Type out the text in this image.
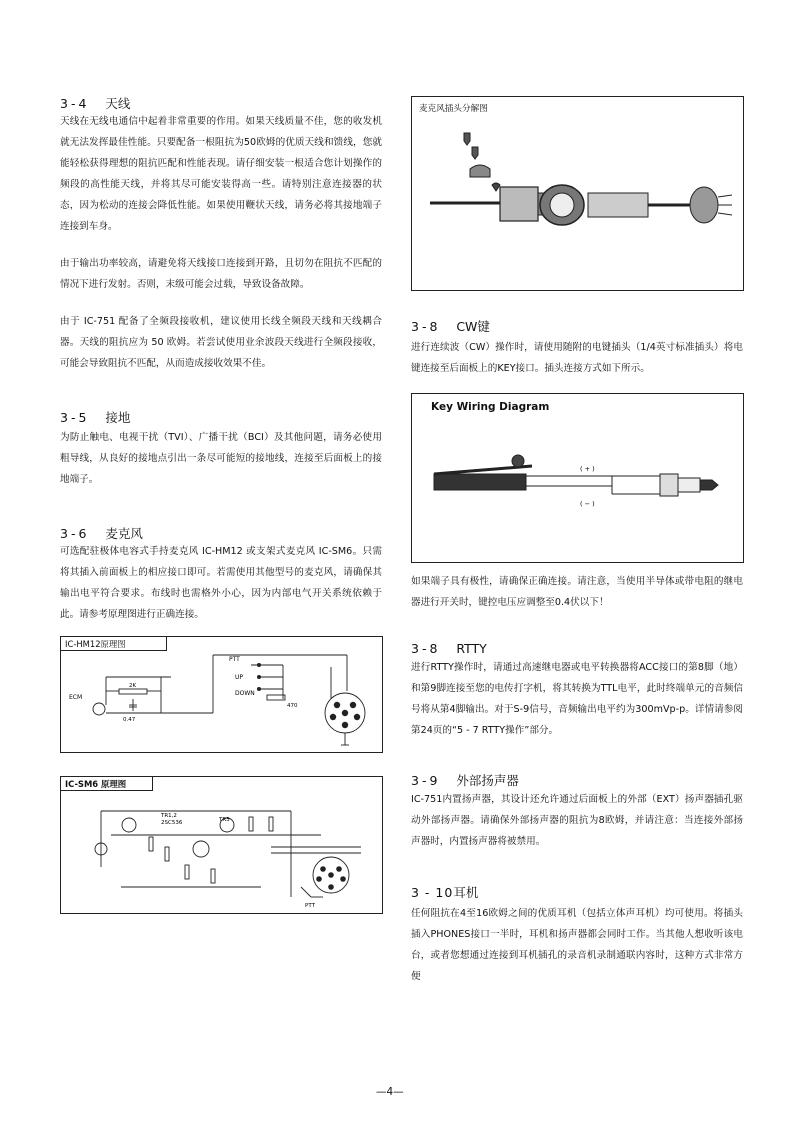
3-4 天线

天线在无线电通信中起着非常重要的作用。如果天线质量不佳，您的收发机就无法发挥最佳性能。只要配备一根阻抗为50欧姆的优质天线和馈线，您就能轻松获得理想的阻抗匹配和性能表现。请仔细安装一根适合您计划操作的频段的高性能天线，并将其尽可能安装得高一些。请特别注意连接器的状态，因为松动的连接会降低性能。如果使用鞭状天线，请务必将其接地端子连接到车身。

由于输出功率较高，请避免将天线接口连接到开路，且切勿在阻抗不匹配的情况下进行发射。否则，末级可能会过载，导致设备故障。

由于 IC-751 配备了全频段接收机，建议使用长线全频段天线和天线耦合器。天线的阻抗应为 50 欧姆。若尝试使用业余波段天线进行全频段接收，可能会导致阻抗不匹配，从而造成接收效果不佳。

3-5 接地

为防止触电、电视干扰（TVI）、广播干扰（BCI）及其他问题，请务必使用粗导线，从良好的接地点引出一条尽可能短的接地线，连接至后面板上的接地端子。

3-6 麦克风

可选配驻极体电容式手持麦克风 IC-HM12 或支架式麦克风 IC-SM6。只需将其插入前面板上的相应接口即可。若需使用其他型号的麦克风，请确保其输出电平符合要求。布线时也需格外小心，因为内部电气开关系统依赖于此。请参考原理图进行正确连接。

IC-HM12原理图
PTT
UP
DOWN
ECM
2K
0.47
470
IC-SM6 原理图
TR1,2
2SC536	TR3
PTT
麦克风插头分解图
3-8 CW键

进行连续波（CW）操作时，请使用随附的电键插头（1/4英寸标准插头）将电键连接至后面板上的KEY接口。插头连接方式如下所示。

Key Wiring Diagram
( + )
( − )

如果端子具有极性，请确保正确连接。请注意，当使用半导体或带电阻的继电器进行开关时，键控电压应调整至0.4伏以下！

3-8 RTTY

进行RTTY操作时，请通过高速继电器或电平转换器将ACC接口的第8脚（地）和第9脚连接至您的电传打字机，将其转换为TTL电平，此时终端单元的音频信号将从第4脚输出。对于S-9信号，音频输出电平约为300mVp-p。详情请参阅第24页的“5 - 7 RTTY操作”部分。

3-9 外部扬声器

IC-751内置扬声器，其设计还允许通过后面板上的外部（EXT）扬声器插孔驱动外部扬声器。请确保外部扬声器的阻抗为8欧姆，并请注意：当连接外部扬声器时，内置扬声器将被禁用。

3 - 10耳机

任何阻抗在4至16欧姆之间的优质耳机（包括立体声耳机）均可使用。将插头插入PHONES接口一半时，耳机和扬声器都会同时工作。当其他人想收听该电台，或者您想通过连接到耳机插孔的录音机录制通联内容时，这种方式非常方便

—4—
